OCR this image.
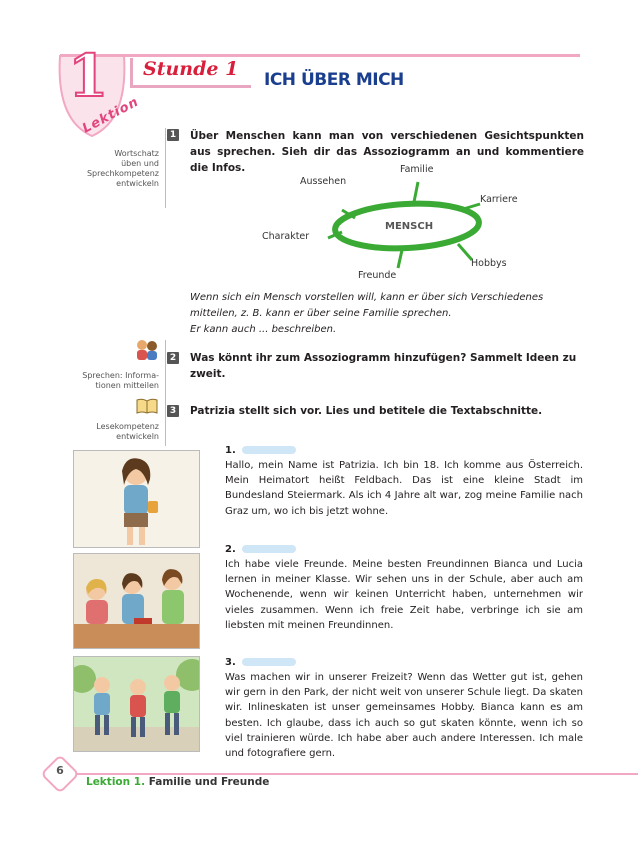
1
Lektion
Stunde 1 ICH ÜBER MICH
1
Wortschatz
üben und
Sprechkompetenz
entwickeln
Über Menschen kann man von verschiedenen Gesichtspunkten aus sprechen. Sieh dir das Assoziogramm an und kommentiere die Infos.
MENSCH
Familie
Aussehen
Karriere
Charakter
Hobbys
Freunde
Wenn sich ein Mensch vorstellen will, kann er über sich Verschiedenes
mitteilen, z. B. kann er über seine Familie sprechen.
Er kann auch ... beschreiben.
2
Sprechen: Informa-
tionen mitteilen
Was könnt ihr zum Assoziogramm hinzufügen? Sammelt Ideen zu zweit.
3
Lesekompetenz
entwickeln
Patrizia stellt sich vor. Lies und betitele die Textabschnitte.
1.
Hallo, mein Name ist Patrizia. Ich bin 18. Ich komme aus Österreich. Mein Heimatort heißt Feldbach. Das ist eine kleine Stadt im Bundesland Steiermark. Als ich 4 Jahre alt war, zog meine Familie nach Graz um, wo ich bis jetzt wohne.
2.
Ich habe viele Freunde. Meine besten Freundinnen Bianca und Lucia lernen in meiner Klasse. Wir sehen uns in der Schule, aber auch am Wochenende, wenn wir keinen Unterricht haben, unternehmen wir vieles zusammen. Wenn ich freie Zeit habe, verbringe ich sie am liebsten mit meinen Freundinnen.
3.
Was machen wir in unserer Freizeit? Wenn das Wetter gut ist, gehen wir gern in den Park, der nicht weit von unserer Schule liegt. Da skaten wir. Inlineskaten ist unser gemeinsames Hobby. Bianca kann es am besten. Ich glaube, dass ich auch so gut skaten könnte, wenn ich so viel trainieren würde. Ich habe aber auch andere Interessen. Ich male und fotografiere gern.
6
Lektion 1. Familie und Freunde
